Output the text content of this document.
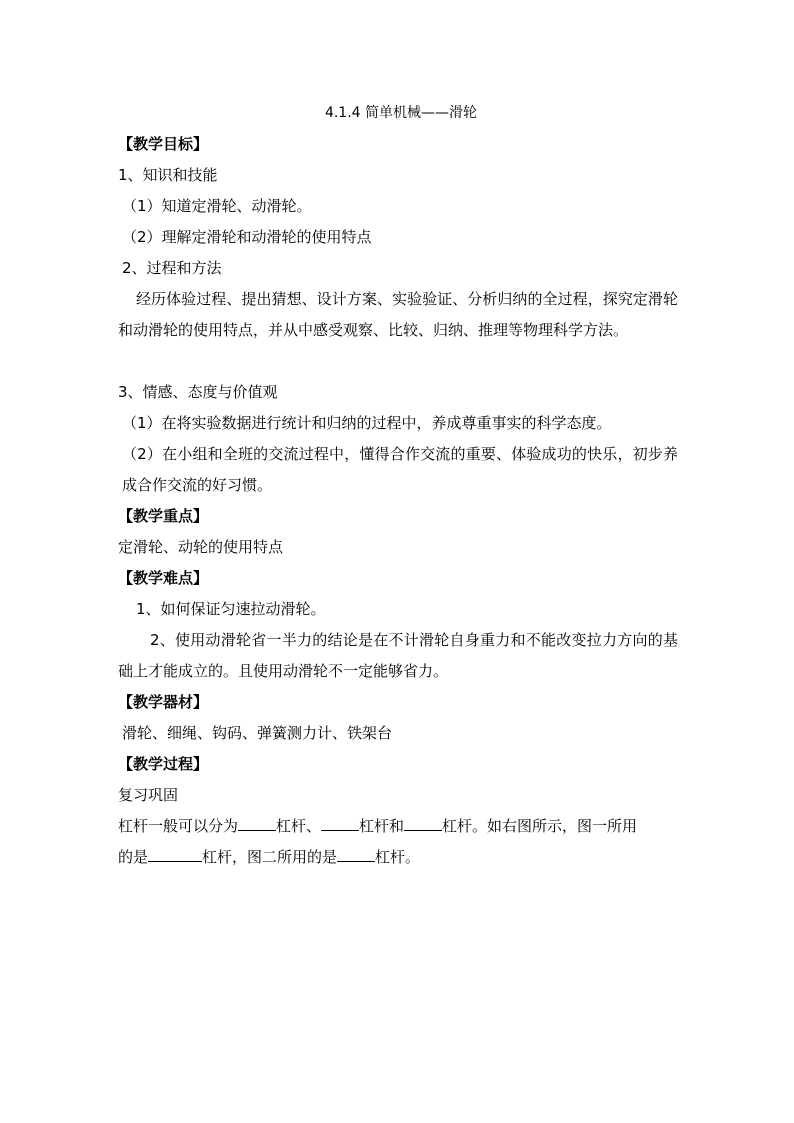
4.1.4 简单机械——滑轮
【教学目标】
1、知识和技能
（1）知道定滑轮、动滑轮。
（2）理解定滑轮和动滑轮的使用特点
2、过程和方法
经历体验过程、提出猜想、设计方案、实验验证、分析归纳的全过程，探究定滑轮和动滑轮的使用特点，并从中感受观察、比较、归纳、推理等物理科学方法。
3、情感、态度与价值观
（1）在将实验数据进行统计和归纳的过程中，养成尊重事实的科学态度。
（2）在小组和全班的交流过程中，懂得合作交流的重要、体验成功的快乐，初步养成合作交流的好习惯。
【教学重点】
定滑轮、动轮的使用特点
【教学难点】
1、如何保证匀速拉动滑轮。
2、使用动滑轮省一半力的结论是在不计滑轮自身重力和不能改变拉力方向的基础上才能成立的。且使用动滑轮不一定能够省力。
【教学器材】
滑轮、细绳、钩码、弹簧测力计、铁架台
【教学过程】
复习巩固
杠杆一般可以分为	杠杆、	杠杆和	杠杆。如右图所示，图一所用
的是	杠杆，图二所用的是	杠杆。
